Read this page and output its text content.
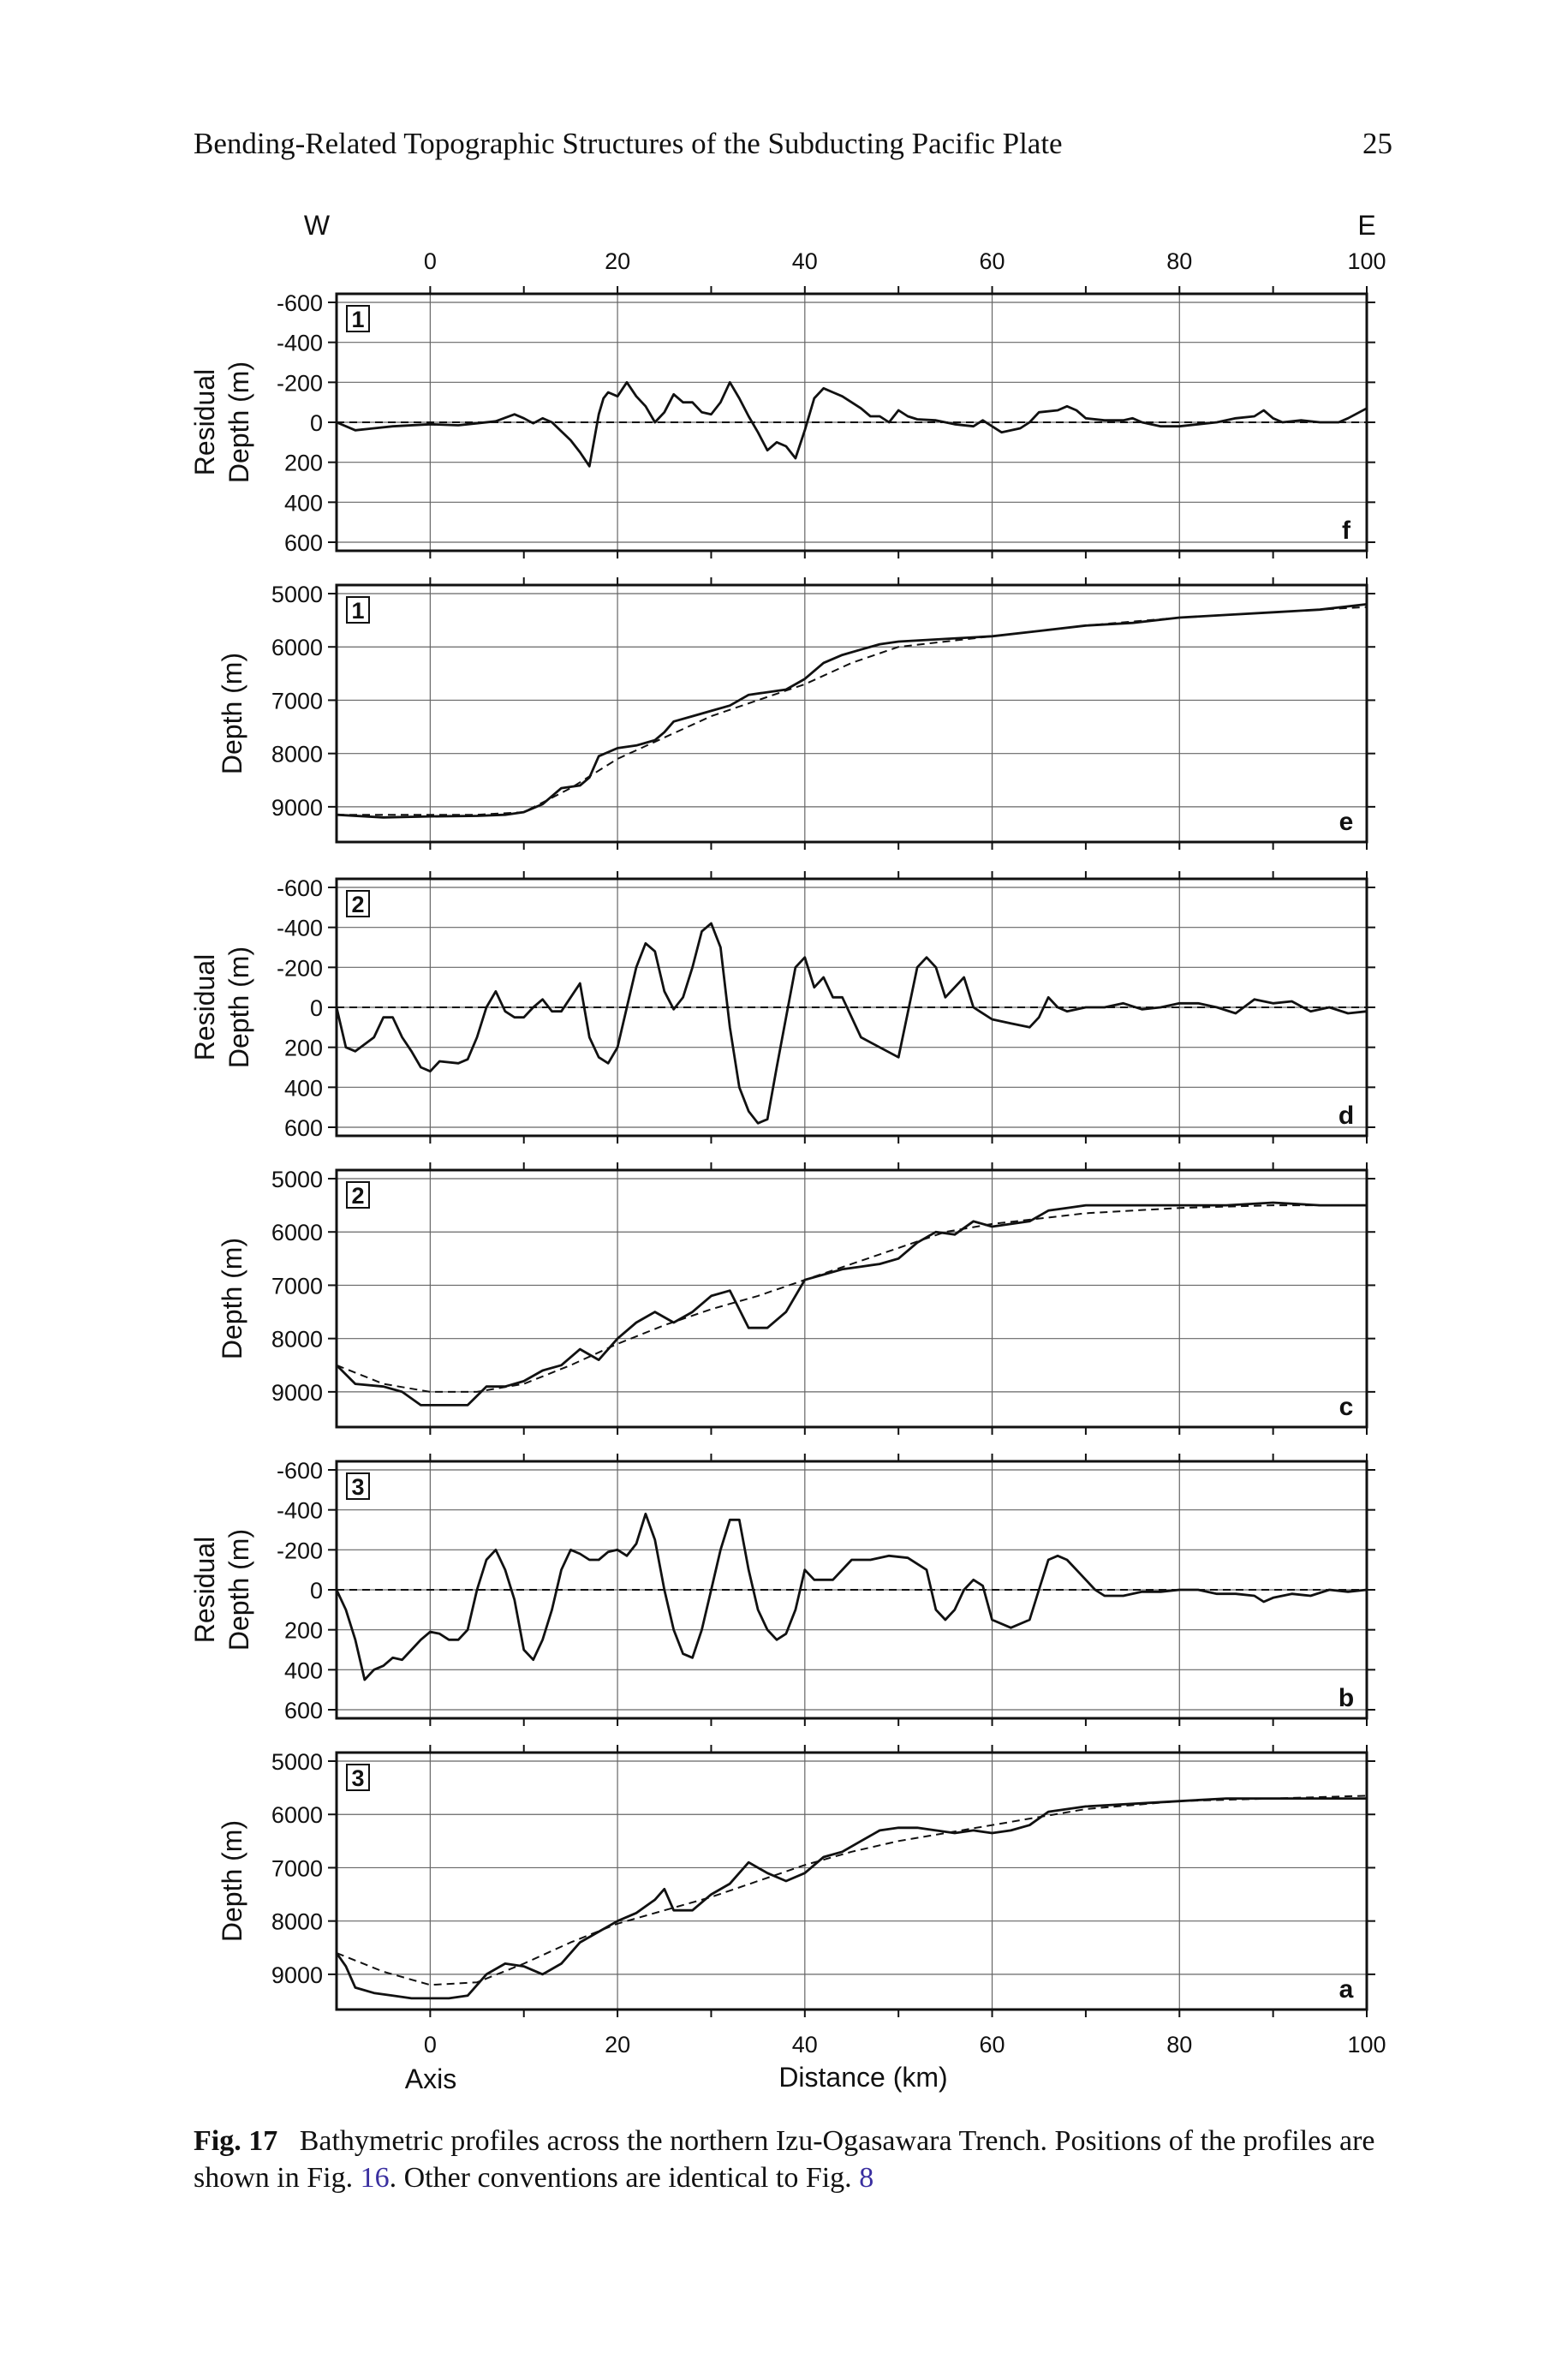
Bending-Related Topographic Structures of the Subducting Pacific Plate	25
W	E
0	20	40	60	80	100
-600
-400
-200
0
200
400
600
1
f
Residual Depth (m)
5000
6000
7000
8000
9000
1
e
Depth (m)
-600
-400
-200
0
200
400
600
2
d
Residual Depth (m)
5000
6000
7000
8000
9000
2
c
Depth (m)
-600
-400
-200
0
200
400
600
3
b
Residual Depth (m)
5000
6000
7000
8000
9000
3
a
Depth (m)
0	20	40	60	80	100
Axis	Distance (km)
Fig. 17 Bathymetric profiles across the northern Izu-Ogasawara Trench. Positions of the profiles are shown in Fig. 16. Other conventions are identical to Fig. 8
